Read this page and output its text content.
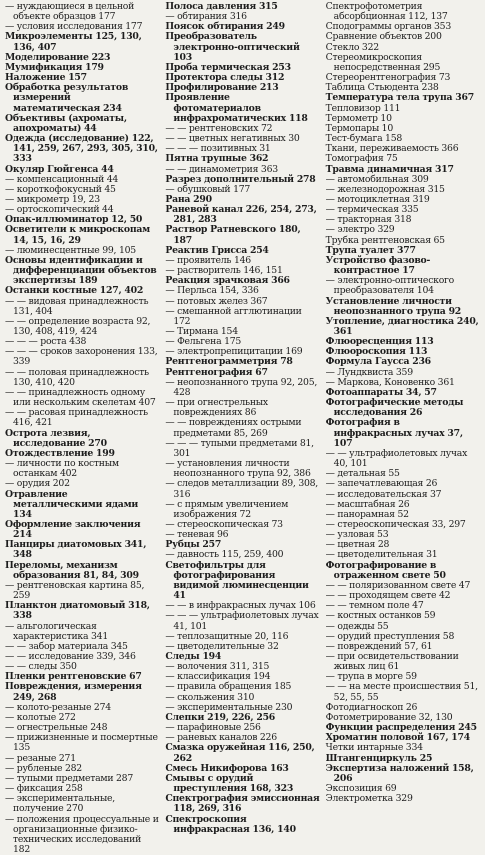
— нуждающиеся в цельной объекте образцов 177
— условия исследования 177
Микроэлементы 125, 130, 136, 407
Моделирование 223
Мумификация 179
Наложение 157
Обработка результатов измерений математическая 234
Объективы (ахроматы, апохроматы) 44
Одежда (исследование) 122, 141, 259, 267, 293, 305, 310, 333
Окуляр Гюйгенса 44
— компенсационный 44
— короткофокусный 45
— микрометр 19, 23
— ортоскопический 44
Опак-иллюминатор 12, 50
Осветители к микроскопам 14, 15, 16, 29
— люминесцентные 99, 105
Основы идентификации и дифференциации объектов экспертизы 189
Останки костные 127, 402
— — видовая принадлежность 131, 404
— — определение возраста 92, 130, 408, 419, 424
— — — роста 438
— — — сроков захоронения 133, 339
— — половая принадлежность 130, 410, 420
— — принадлежность одному или нескольким скелетам 407
— — расовая принадлежность 416, 421
Острота лезвия, исследование 270
Отождествление 199
— личности по костным останкам 402
— орудия 202
Отравление металлическими ядами 134
Оформление заключения 214
Панциры диатомовых 341, 348
Переломы, механизм образования 81, 84, 309
— рентгеновская картина 85, 259
Планктон диатомовый 318, 338
— альгологическая характеристика 341
— — забор материала 345
— — исследование 339, 346
— — следы 350
Пленки рентгеновские 67
Повреждения, измерения 249, 268
— колото-резаные 274
— колотые 272
— огнестрельные 248
— прижизненные и посмертные 135
— резаные 271
— рубленые 282
— тупыми предметами 287
— фиксация 258
— экспериментальные, получение 270
— положения процессуальные и организационные физико-технических исследований 182
Полоса давления 315
— обтирания 316
Поясок обтирания 249
Преобразователь электронно-оптический 103
Проба термическая 253
Протектора следы 312
Профилирование 213
Проявление фотоматериалов инфрахроматических 118
— — рентгеновских 72
— — цветных негативных 30
— — — позитивных 31
Пятна трупные 362
— — динамометрия 363
Разрез дополнительный 278
— обушковый 177
Рана 290
Раневой канал 226, 254, 273, 281, 283
Раствор Ратневского 180, 187
Реактив Грисса 254
— проявитель 146
— растворитель 146, 151
Реакция зрачковая 366
— Перльса 154, 336
— потовых желез 367
— смешанной агглютинации 172
— Тирмана 154
— Фельгена 175
— электропрепицитации 169
Рентгенограмметрия 78
Рентгенография 67
— неопознанного трупа 92, 205, 428
— при огнестрельных повреждениях 86
— — повреждениях острыми предметами 85, 269
— — — тупыми предметами 81, 301
— установления личности неопознанного трупа 92, 386
— следов металлизации 89, 308, 316
— с прямым увеличением изображения 72
— стереоскопическая 73
— теневая 96
Рубцы 257
— давность 115, 259, 400
Светофильтры для фотографирования видимой люминесценции 41
— — в инфракрасных лучах 106
— — — ультрафиолетовых лучах 41, 101
— теплозащитные 20, 116
— цветоделительные 32
Следы 194
— волочения 311, 315
— классификация 194
— правила обращения 185
— скольжения 310
— экспериментальные 230
Слепки 219, 226, 256
— парафиновые 256
— раневых каналов 226
Смазка оружейная 116, 250, 262
Смесь Никифорова 163
Смывы с орудий преступления 168, 323
Спектрография эмиссионная 118, 269, 316
Спектроскопия инфракрасная 136, 140
Спектрофотометрия абсорбционная 112, 137
Сподограммы органов 353
Сравнение объектов 200
Стекло 322
Стереомикроскопия непосредственная 295
Стереорентгенография 73
Таблица Стьюдента 238
Температура тела трупа 367
Тепловизор 111
Термометр 10
Термопары 10
Тест-бумага 158
Ткани, переживаемость 366
Томография 75
Травма динамичная 317
— автомобильная 309
— железнодорожная 315
— мотоциклетная 319
— термическая 335
— тракторная 318
— электро 329
Трубка рентгеновская 65
Трупа туалет 377
Устройство фазово-контрастное 17
— электронно-оптического преобразователя 104
Установление личности неопознанного трупа 92
Утопление, диагностика 240, 361
Флюоресценция 113
Флюороскопия 113
Формула Гаусса 236
— Лундквиста 359
— Маркова, Коновенко 361
Фотоаппараты 34, 57
Фотографические методы исследования 26
Фотография в инфракрасных лучах 37, 107
— — ультрафиолетовых лучах 40, 101
— детальная 55
— запечатлевающая 26
— исследовательская 37
— масштабная 26
— панорамная 52
— стереоскопическая 33, 297
— узловая 53
— цветная 28
— цветоделительная 31
Фотографирование в отраженном свете 50
— — поляризованном свете 47
— — проходящем свете 42
— — темном поле 47
— костных останков 59
— одежды 55
— орудий преступления 58
— повреждений 57, 61
— при освидетельствовании живых лиц 61
— трупа в морге 59
— — на месте происшествия 51, 52, 55, 55
Фотодиагноскоп 26
Фотометрирование 32, 130
Функции распределения 245
Хроматин половой 167, 174
Четки интарные 334
Штангенциркуль 25
Экспертиза наложений 158, 206
Экспозиция 69
Электрометка 329
